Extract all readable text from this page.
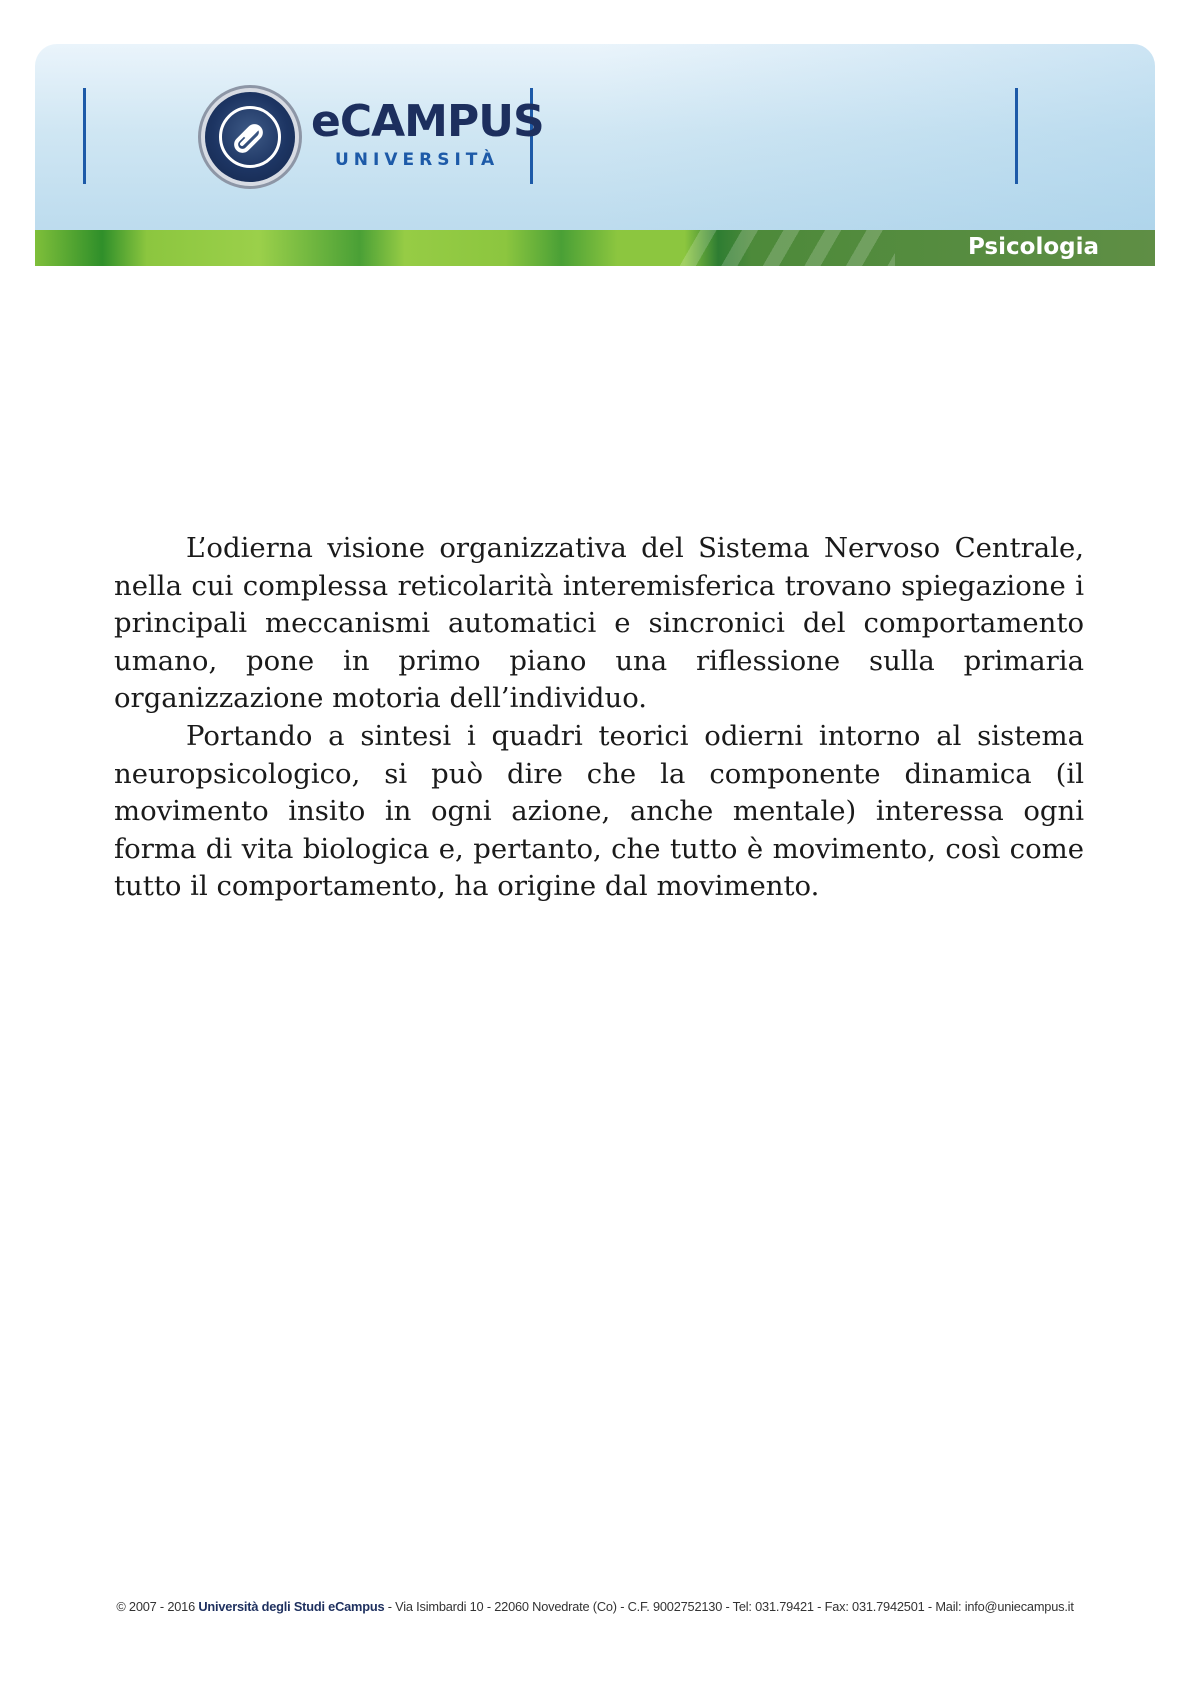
eCAMPUS
UNIVERSITÀ
Psicologia

L’odierna visione organizzativa del Sistema Nervoso Centrale, nella cui complessa reticolarità interemisferica trovano spiegazione i principali meccanismi automatici e sincronici del comportamento umano, pone in primo piano una riflessione sulla primaria organizzazione motoria dell’individuo.

Portando a sintesi i quadri teorici odierni intorno al sistema neuropsicologico, si può dire che la componente dinamica (il movimento insito in ogni azione, anche mentale) interessa ogni forma di vita biologica e, pertanto, che tutto è movimento, così come tutto il comportamento, ha origine dal movimento.

© 2007 - 2016 Università degli Studi eCampus - Via Isimbardi 10 - 22060 Novedrate (Co) - C.F. 9002752130 - Tel: 031.79421 - Fax: 031.7942501 - Mail: info@uniecampus.it
